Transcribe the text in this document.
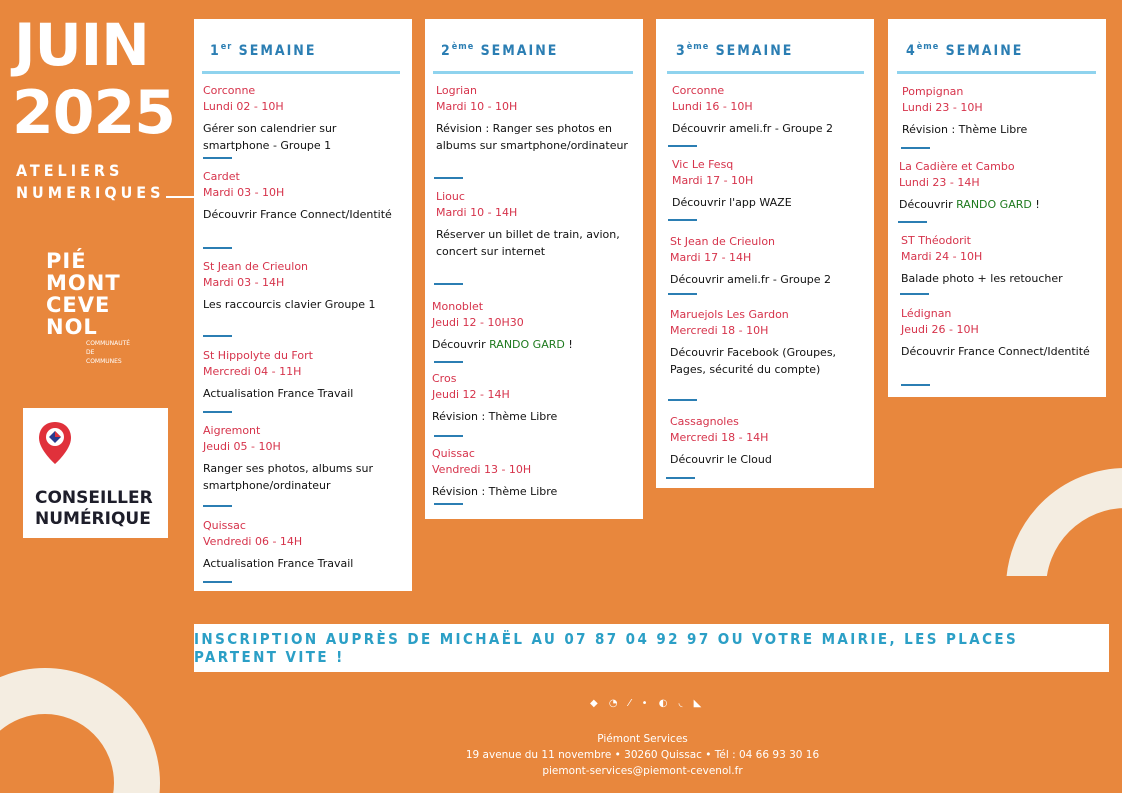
JUIN
2025
ATELIERS
NUMERIQUES
PIÉ
MONT
CEVE
NOL
COMMUNAUTÉ
DE
COMMUNES
CONSEILLER
NUMÉRIQUE
1er SEMAINE
Corconne
Lundi 02 - 10H
Gérer son calendrier sur smartphone - Groupe 1
Cardet
Mardi 03 - 10H
Découvrir France Connect/Identité
St Jean de Crieulon
Mardi 03 - 14H
Les raccourcis clavier Groupe 1
St Hippolyte du Fort
Mercredi 04 - 11H
Actualisation France Travail
Aigremont
Jeudi 05 - 10H
Ranger ses photos, albums sur smartphone/ordinateur
Quissac
Vendredi 06 - 14H
Actualisation France Travail
2ème SEMAINE
Logrian
Mardi 10 - 10H
Révision : Ranger ses photos en albums sur smartphone/ordinateur
Liouc
Mardi 10 - 14H
Réserver un billet de train, avion, concert sur internet
Monoblet
Jeudi 12 - 10H30
Découvrir RANDO GARD !
Cros
Jeudi 12 - 14H
Révision : Thème Libre
Quissac
Vendredi 13 - 10H
Révision : Thème Libre
3ème SEMAINE
Corconne
Lundi 16 - 10H
Découvrir ameli.fr - Groupe 2
Vic Le Fesq
Mardi 17 - 10H
Découvrir l'app WAZE
St Jean de Crieulon
Mardi 17 - 14H
Découvrir ameli.fr - Groupe 2
Maruejols Les Gardon
Mercredi 18 - 10H
Découvrir Facebook (Groupes, Pages, sécurité du compte)
Cassagnoles
Mercredi 18 - 14H
Découvrir le Cloud
4ème SEMAINE
Pompignan
Lundi 23 - 10H
Révision : Thème Libre
La Cadière et Cambo
Lundi 23 - 14H
Découvrir RANDO GARD !
ST Théodorit
Mardi 24 - 10H
Balade photo + les retoucher
Lédignan
Jeudi 26 - 10H
Découvrir France Connect/Identité
INSCRIPTION AUPRÈS DE MICHAËL AU 07 87 04 92 97 OU VOTRE MAIRIE, LES PLACES PARTENT VITE !
◆ ◔ ⁄ • ◐ ◟ ◣
Piémont Services
19 avenue du 11 novembre • 30260 Quissac • Tél : 04 66 93 30 16
piemont-services@piemont-cevenol.fr
